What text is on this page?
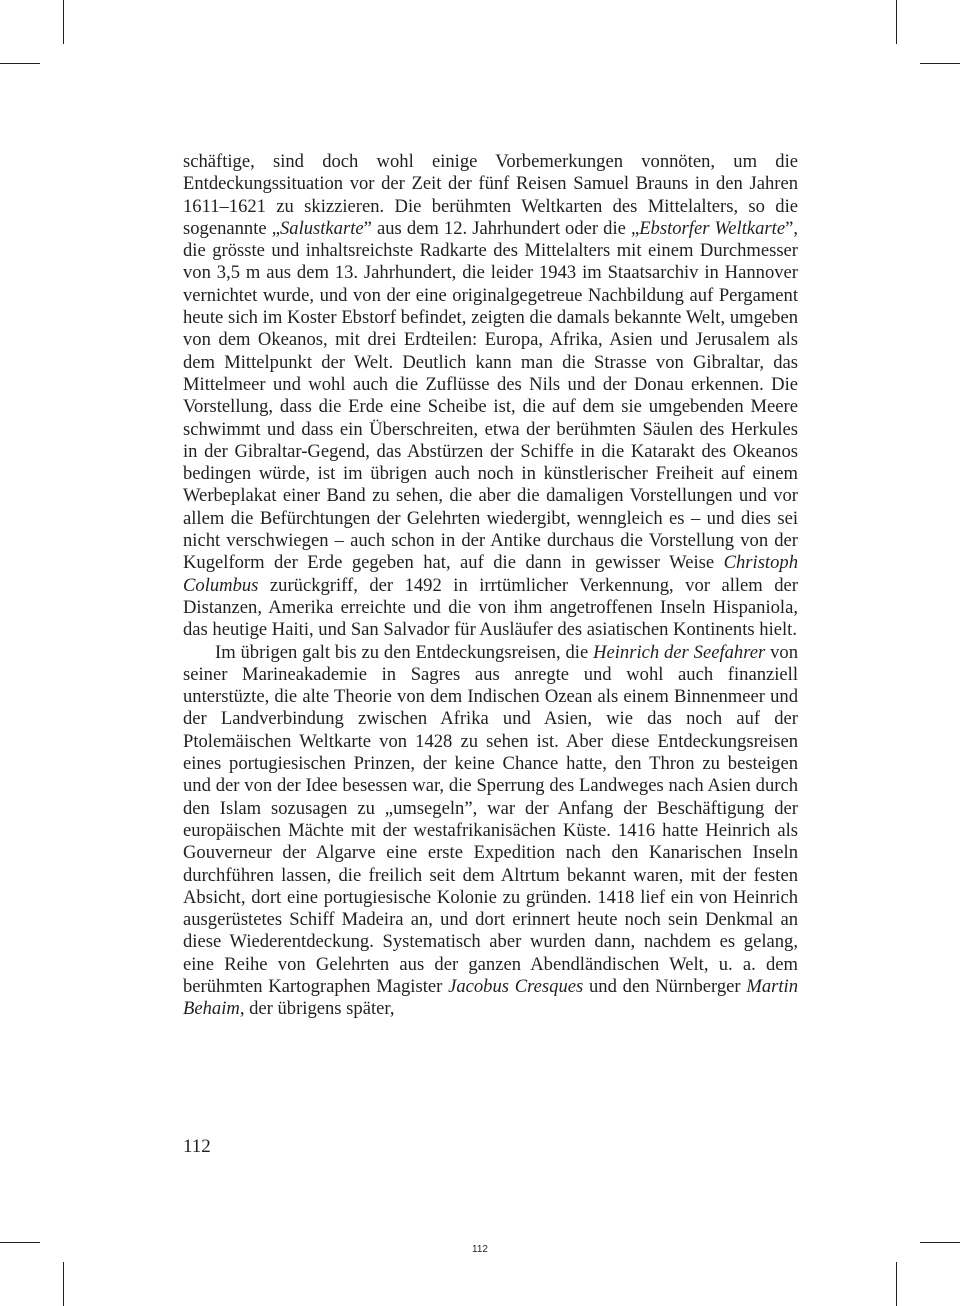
schäftige, sind doch wohl einige Vorbemerkungen vonnöten, um die Entdeckungssituation vor der Zeit der fünf Reisen Samuel Brauns in den Jahren 1611–1621 zu skizzieren. Die berühmten Weltkarten des Mittelalters, so die sogenannte „Salustkarte” aus dem 12. Jahrhundert oder die „Ebstorfer Weltkarte”, die grösste und inhaltsreichste Radkarte des Mittelalters mit einem Durchmesser von 3,5 m aus dem 13. Jahrhundert, die leider 1943 im Staatsarchiv in Hannover vernichtet wurde, und von der eine originalgegetreue Nachbildung auf Pergament heute sich im Koster Ebstorf befindet, zeigten die damals bekannte Welt, umgeben von dem Okeanos, mit drei Erdteilen: Europa, Afrika, Asien und Jerusalem als dem Mittelpunkt der Welt. Deutlich kann man die Strasse von Gibraltar, das Mittelmeer und wohl auch die Zuflüsse des Nils und der Donau erkennen. Die Vorstellung, dass die Erde eine Scheibe ist, die auf dem sie umgebenden Meere schwimmt und dass ein Überschreiten, etwa der berühmten Säulen des Herkules in der Gibraltar-Gegend, das Abstürzen der Schiffe in die Katarakt des Okeanos bedingen würde, ist im übrigen auch noch in künstlerischer Freiheit auf einem Werbeplakat einer Band zu sehen, die aber die damaligen Vorstellungen und vor allem die Befürchtungen der Gelehrten wiedergibt, wenngleich es – und dies sei nicht verschwiegen – auch schon in der Antike durchaus die Vorstellung von der Kugelform der Erde gegeben hat, auf die dann in gewisser Weise Christoph Columbus zurückgriff, der 1492 in irrtümlicher Verkennung, vor allem der Distanzen, Amerika erreichte und die von ihm angetroffenen Inseln Hispaniola, das heutige Haiti, und San Salvador für Ausläufer des asiatischen Kontinents hielt.

Im übrigen galt bis zu den Entdeckungsreisen, die Heinrich der Seefahrer von seiner Marineakademie in Sagres aus anregte und wohl auch finanziell unterstüzte, die alte Theorie von dem Indischen Ozean als einem Binnenmeer und der Landverbindung zwischen Afrika und Asien, wie das noch auf der Ptolemäischen Weltkarte von 1428 zu sehen ist. Aber diese Entdeckungsreisen eines portugiesischen Prinzen, der keine Chance hatte, den Thron zu besteigen und der von der Idee besessen war, die Sperrung des Landweges nach Asien durch den Islam sozusagen zu „umsegeln”, war der Anfang der Beschäftigung der europäischen Mächte mit der westafrikanisächen Küste. 1416 hatte Heinrich als Gouverneur der Algarve eine erste Expedition nach den Kanarischen Inseln durchführen lassen, die freilich seit dem Altrtum bekannt waren, mit der festen Absicht, dort eine portugiesische Kolonie zu gründen. 1418 lief ein von Heinrich ausgerüstetes Schiff Madeira an, und dort erinnert heute noch sein Denkmal an diese Wiederentdeckung. Systematisch aber wurden dann, nachdem es gelang, eine Reihe von Gelehrten aus der ganzen Abendländischen Welt, u. a. dem berühmten Kartographen Magister Jacobus Cresques und den Nürnberger Martin Behaim, der übrigens später,

112
112
